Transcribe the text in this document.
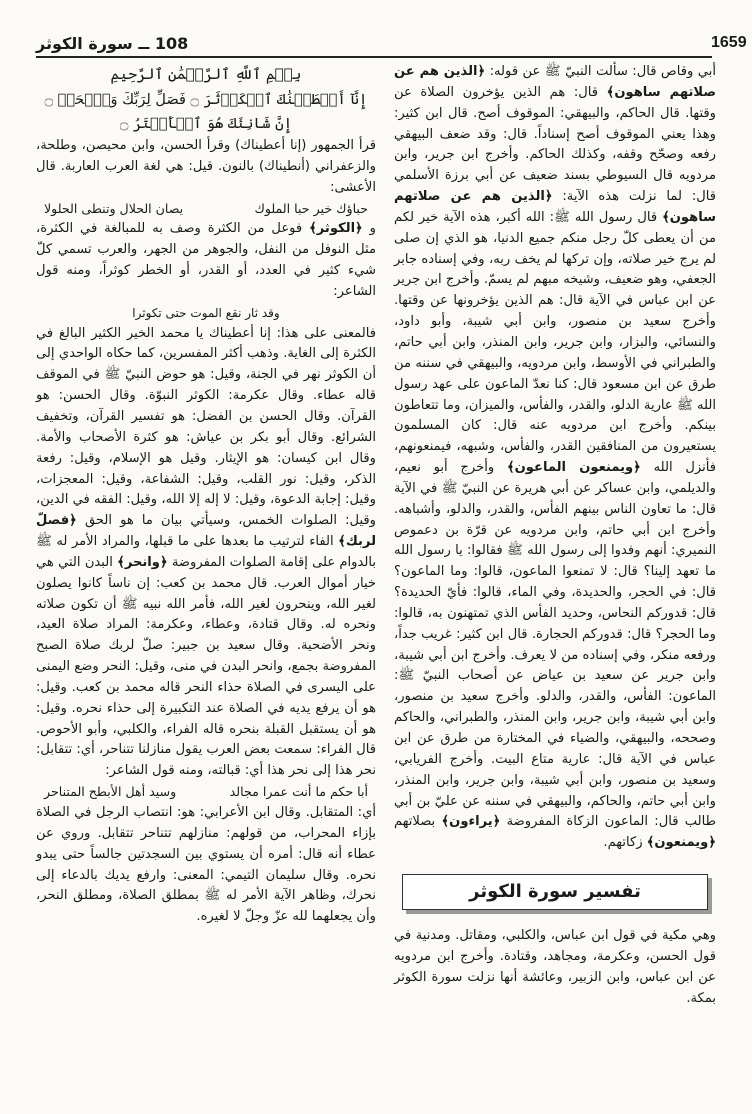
1659
108 ــ سورة الكوثر

أبي وقاص قال: سألت النبيّ ﷺ عن قوله: ﴿الذين هم عن صلاتهم ساهون﴾ قال: هم الذين يؤخرون الصلاة عن وقتها. قال الحاكم، والبيهقي: الموقوف أصح. قال ابن كثير: وهذا يعني الموقوف أصح إسناداً. قال: وقد ضعف البيهقي رفعه وصحّح وقفه، وكذلك الحاكم. وأخرج ابن جرير، وابن مردويه قال السيوطي بسند ضعيف عن أبي برزة الأسلمي قال: لما نزلت هذه الآية: ﴿الذين هم عن صلاتهم ساهون﴾ قال رسول الله ﷺ: الله أكبر، هذه الآية خير لكم من أن يعطى كلّ رجل منكم جميع الدنيا، هو الذي إن صلى لم يرج خير صلاته، وإن تركها لم يخف ربه، وفي إسناده جابر الجعفي، وهو ضعيف، وشيخه مبهم لم يسمّ. وأخرج ابن جرير عن ابن عباس في الآية قال: هم الذين يؤخرونها عن وقتها. وأخرج سعيد بن منصور، وابن أبي شيبة، وأبو داود، والنسائي، والبزار، وابن جرير، وابن المنذر، وابن أبي حاتم، والطبراني في الأوسط، وابن مردويه، والبيهقي في سننه من طرق عن ابن مسعود قال: كنا نعدّ الماعون على عهد رسول الله ﷺ عارية الدلو، والقدر، والفأس، والميزان، وما تتعاطون بينكم. وأخرج ابن مردويه عنه قال: كان المسلمون يستعيرون من المنافقين القدر، والفأس، وشبهه، فيمنعونهم، فأنزل الله ﴿ويمنعون الماعون﴾ وأخرج أبو نعيم، والديلمي، وابن عساكر عن أبي هريرة عن النبيّ ﷺ في الآية قال: ما تعاون الناس بينهم الفأس، والقدر، والدلو، وأشباهه. وأخرج ابن أبي حاتم، وابن مردويه عن قرّة بن دعموص النميري: أنهم وفدوا إلى رسول الله ﷺ فقالوا: يا رسول الله ما تعهد إلينا؟ قال: لا تمنعوا الماعون، قالوا: وما الماعون؟ قال: في الحجر، والحديدة، وفي الماء، قالوا: فأيّ الحديدة؟ قال: قدوركم النحاس، وحديد الفأس الذي تمتهنون به، قالوا: وما الحجر؟ قال: قدوركم الحجارة. قال ابن كثير: غريب جداً، ورفعه منكر، وفي إسناده من لا يعرف. وأخرج ابن أبي شيبة، وابن جرير عن سعيد بن عياض عن أصحاب النبيّ ﷺ: الماعون: الفأس، والقدر، والدلو. وأخرج سعيد بن منصور، وابن أبي شيبة، وابن جرير، وابن المنذر، والطبراني، والحاكم وصححه، والبيهقي، والضياء في المختارة من طرق عن ابن عباس في الآية قال: عارية متاع البيت. وأخرج الفريابي، وسعيد بن منصور، وابن أبي شيبة، وابن جرير، وابن المنذر، وابن أبي حاتم، والحاكم، والبيهقي في سننه عن عليّ بن أبي طالب قال: الماعون الزكاة المفروضة ﴿يراءون﴾ بصلاتهم ﴿ويمنعون﴾ زكاتهم.

تفسير سورة الكوثر

وهي مكية في قول ابن عباس، والكلبي، ومقاتل. ومدنية في قول الحسن، وعكرمة، ومجاهد، وقتادة. وأخرج ابن مردويه عن ابن عباس، وابن الزبير، وعائشة أنها نزلت سورة الكوثر بمكة.

بِسۡمِ ٱللَّهِ ٱلرَّحۡمَٰنِ ٱلرَّحِيمِ
إِنَّآ أَعۡطَيۡنَٰكَ ٱلۡكَوۡثَرَ ۝ فَصَلِّ لِرَبِّكَ وَٱنۡحَرۡ ۝ إِنَّ شَانِئَكَ هُوَ ٱلۡأَبۡتَرُ ۝

قرأ الجمهور (إنا أعطيناك) وقرأ الحسن، وابن محيصن، وطلحة، والزعفراني (أنطيناك) بالنون. قيل: هي لغة العرب العاربة. قال الأعشى:

حباؤك خير حبا الملوك
يصان الحلال وتنطى الحلولا

و ﴿الكوثر﴾ فوعل من الكثرة وصف به للمبالغة في الكثرة، مثل النوفل من النفل، والجوهر من الجهر، والعرب تسمي كلّ شيء كثير في العدد، أو القدر، أو الخطر كوثراً، ومنه قول الشاعر:

وقد ثار نقع الموت حتى تكوثرا

فالمعنى على هذا: إنا أعطيناك يا محمد الخير الكثير البالغ في الكثرة إلى الغاية. وذهب أكثر المفسرين، كما حكاه الواحدي إلى أن الكوثر نهر في الجنة، وقيل: هو حوض النبيّ ﷺ في الموقف قاله عطاء. وقال عكرمة: الكوثر النبوّة. وقال الحسن: هو القرآن. وقال الحسن بن الفضل: هو تفسير القرآن، وتخفيف الشرائع. وقال أبو بكر بن عياش: هو كثرة الأصحاب والأمة. وقال ابن كيسان: هو الإيثار. وقيل هو الإسلام، وقيل: رفعة الذكر، وقيل: نور القلب، وقيل: الشفاعة، وقيل: المعجزات، وقيل: إجابة الدعوة، وقيل: لا إله إلا الله، وقيل: الفقه في الدين، وقيل: الصلوات الخمس، وسيأتي بيان ما هو الحق ﴿فصلّ لربك﴾ الفاء لترتيب ما بعدها على ما قبلها، والمراد الأمر له ﷺ بالدوام على إقامة الصلوات المفروضة ﴿وانحر﴾ البدن التي هي خيار أموال العرب. قال محمد بن كعب: إن ناساً كانوا يصلون لغير الله، وينحرون لغير الله، فأمر الله نبيه ﷺ أن تكون صلاته ونحره له. وقال قتادة، وعطاء، وعكرمة: المراد صلاة العيد، ونحر الأضحية. وقال سعيد بن جبير: صلّ لربك صلاة الصبح المفروضة بجمع، وانحر البدن في منى، وقيل: النحر وضع اليمنى على اليسرى في الصلاة حذاء النحر قاله محمد بن كعب. وقيل: هو أن يرفع يديه في الصلاة عند التكبيرة إلى حذاء نحره. وقيل: هو أن يستقبل القبلة بنحره قاله الفراء، والكلبي، وأبو الأحوص. قال الفراء: سمعت بعض العرب يقول منازلنا تتناحر، أي: تتقابل: نحر هذا إلى نحر هذا أي: قبالته، ومنه قول الشاعر:

أبا حكم ما أنت عمرا مجالد
وسيد أهل الأبطح المتناحر

أي: المتقابل. وقال ابن الأعرابي: هو: انتصاب الرجل في الصلاة بإزاء المحراب، من قولهم: منازلهم تتناحر تتقابل. وروي عن عطاء أنه قال: أمره أن يستوي بين السجدتين جالساً حتى يبدو نحره. وقال سليمان التيمي: المعنى: وارفع يديك بالدعاء إلى نحرك، وظاهر الآية الأمر له ﷺ بمطلق الصلاة، ومطلق النحر، وأن يجعلهما لله عزّ وجلّ لا لغيره.
